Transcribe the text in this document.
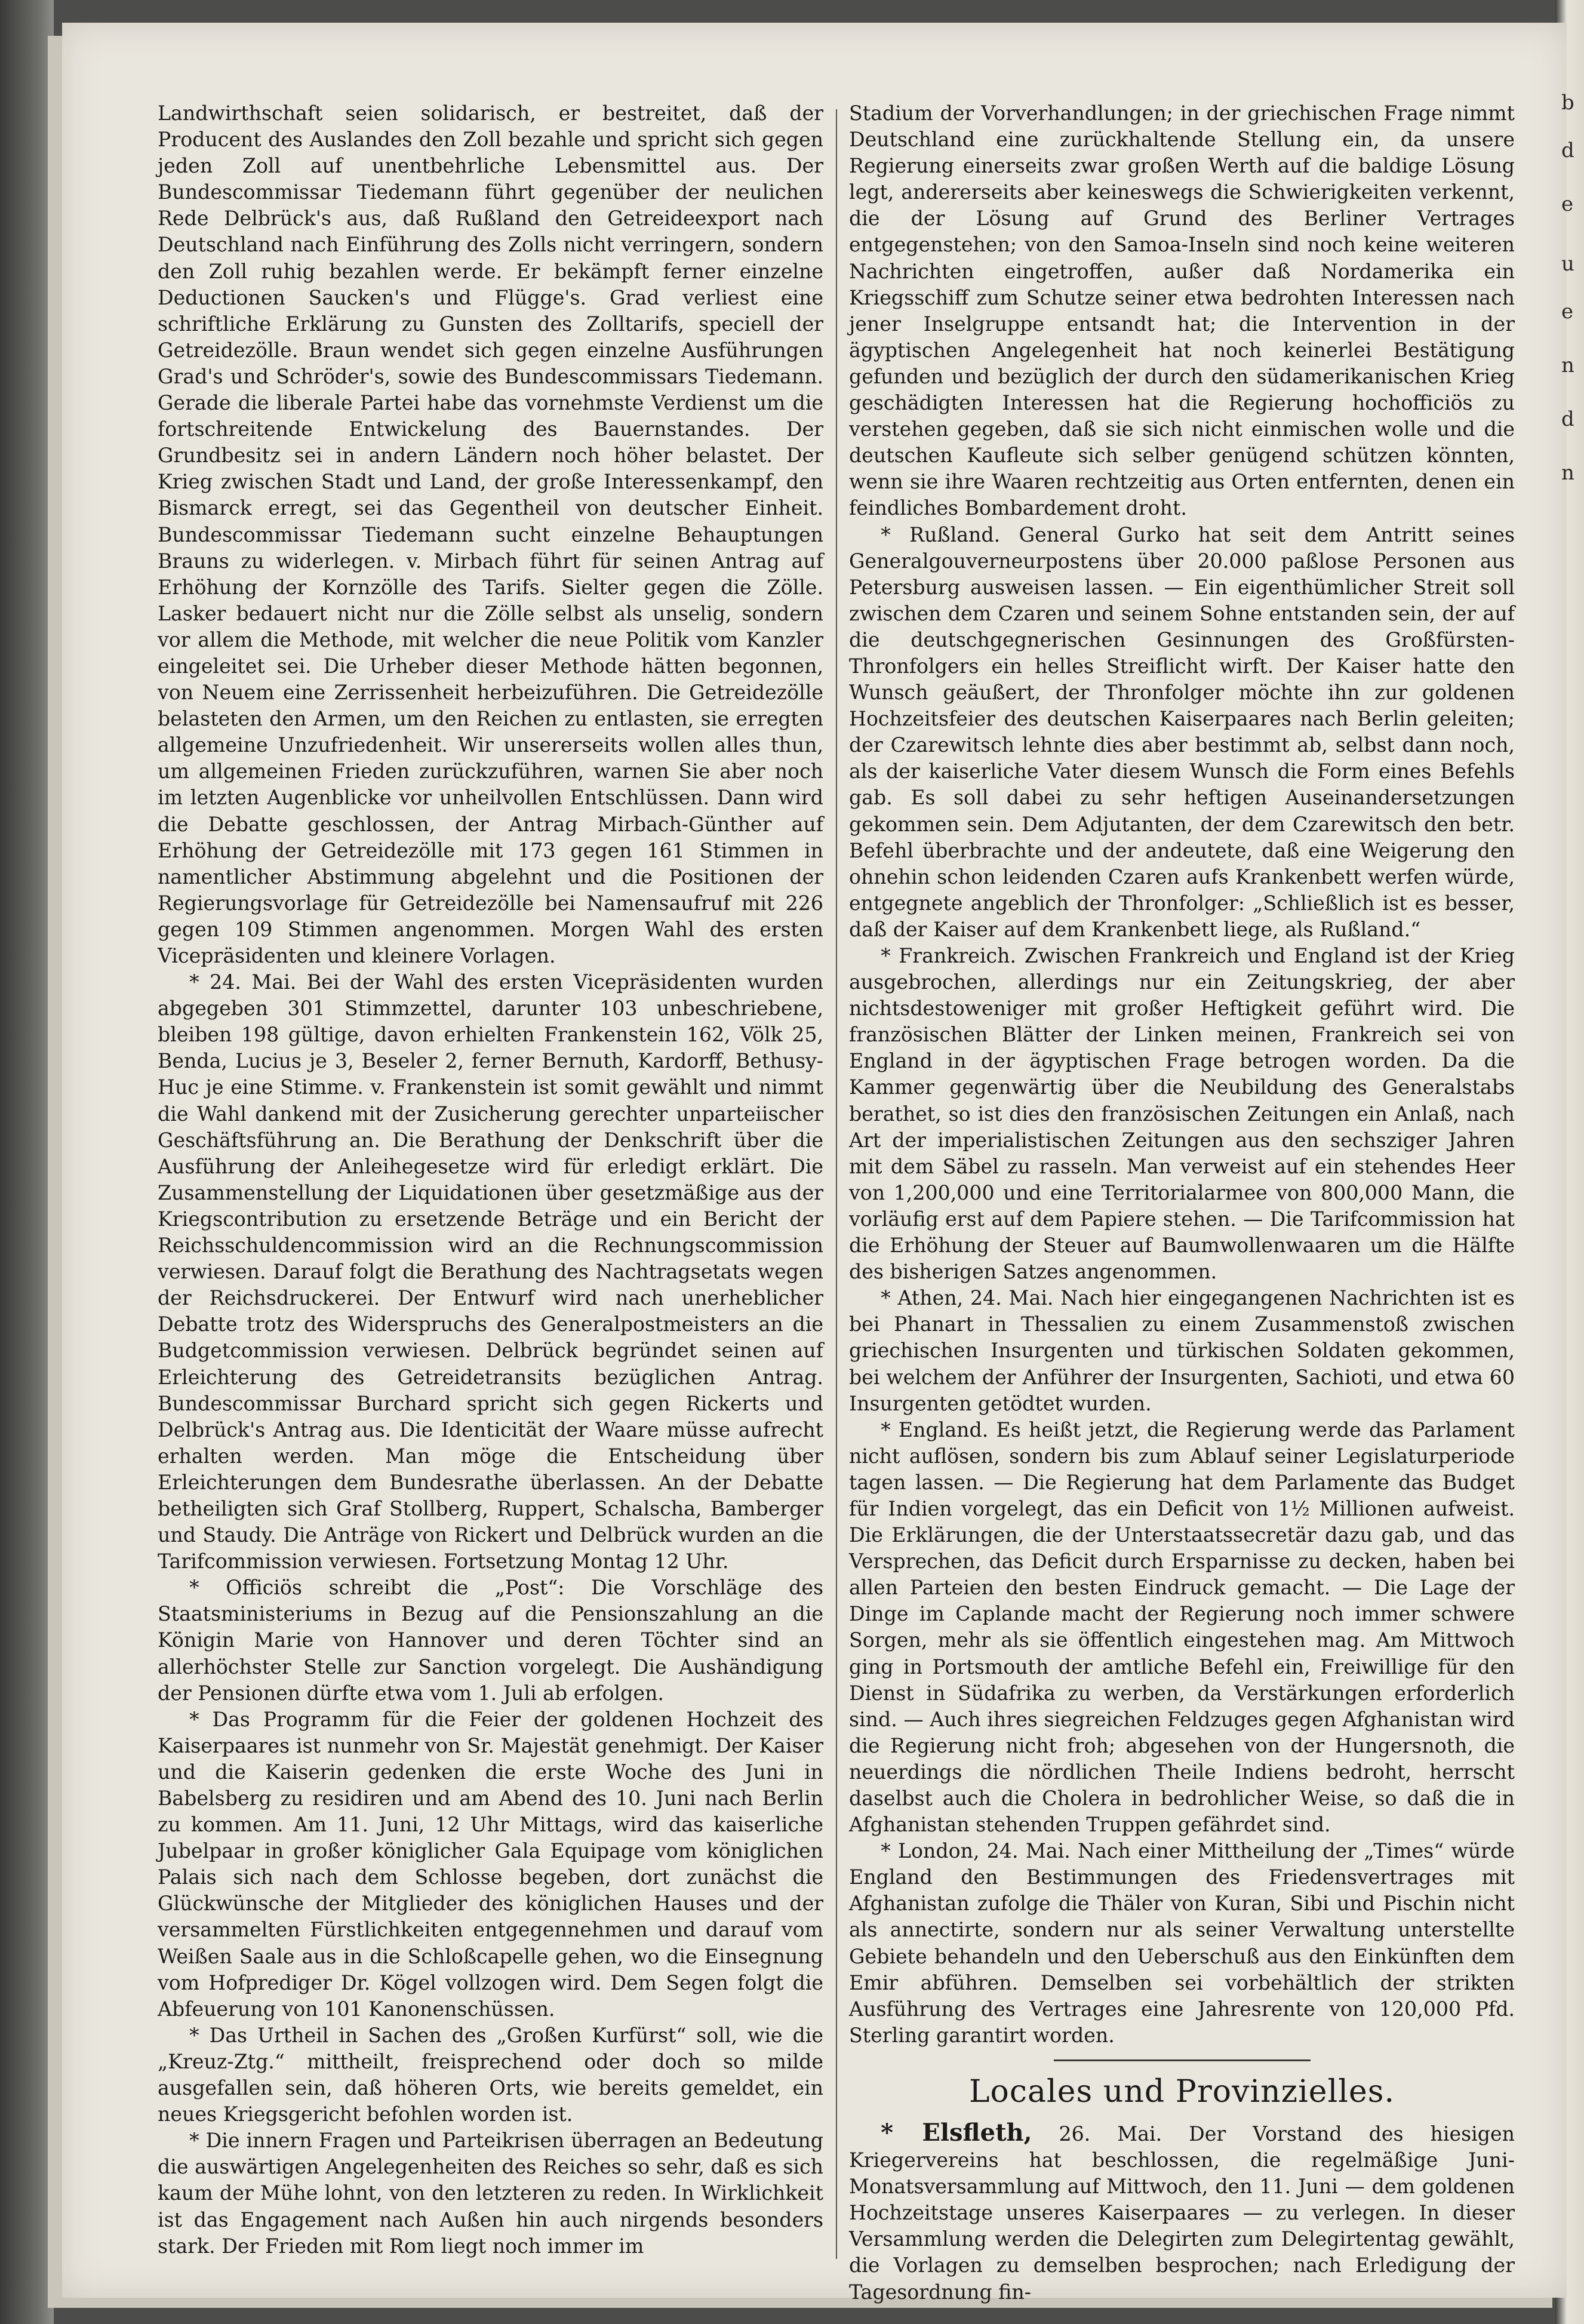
Landwirthschaft seien solidarisch, er bestreitet, daß der Producent des Auslandes den Zoll bezahle und spricht sich gegen jeden Zoll auf unentbehrliche Lebensmittel aus. Der Bundescommissar Tiedemann führt gegenüber der neulichen Rede Delbrück's aus, daß Rußland den Getreideexport nach Deutschland nach Einführung des Zolls nicht verringern, sondern den Zoll ruhig bezahlen werde. Er bekämpft ferner einzelne Deductionen Saucken's und Flügge's. Grad verliest eine schriftliche Erklärung zu Gunsten des Zolltarifs, speciell der Getreidezölle. Braun wendet sich gegen einzelne Ausführungen Grad's und Schröder's, sowie des Bundescommissars Tiedemann. Gerade die liberale Partei habe das vornehmste Verdienst um die fortschreitende Entwickelung des Bauernstandes. Der Grundbesitz sei in andern Ländern noch höher belastet. Der Krieg zwischen Stadt und Land, der große Interessenkampf, den Bismarck erregt, sei das Gegentheil von deutscher Einheit. Bundescommissar Tiedemann sucht einzelne Behauptungen Brauns zu widerlegen. v. Mirbach führt für seinen Antrag auf Erhöhung der Kornzölle des Tarifs. Sielter gegen die Zölle. Lasker bedauert nicht nur die Zölle selbst als unselig, sondern vor allem die Methode, mit welcher die neue Politik vom Kanzler eingeleitet sei. Die Urheber dieser Methode hätten begonnen, von Neuem eine Zerrissenheit herbeizuführen. Die Getreidezölle belasteten den Armen, um den Reichen zu entlasten, sie erregten allgemeine Unzufriedenheit. Wir unsererseits wollen alles thun, um allgemeinen Frieden zurückzuführen, warnen Sie aber noch im letzten Augenblicke vor unheilvollen Entschlüssen. Dann wird die Debatte geschlossen, der Antrag Mirbach-Günther auf Erhöhung der Getreidezölle mit 173 gegen 161 Stimmen in namentlicher Abstimmung abgelehnt und die Positionen der Regierungsvorlage für Getreidezölle bei Namensaufruf mit 226 gegen 109 Stimmen angenommen. Morgen Wahl des ersten Vicepräsidenten und kleinere Vorlagen.

* 24. Mai. Bei der Wahl des ersten Vicepräsidenten wurden abgegeben 301 Stimmzettel, darunter 103 unbeschriebene, bleiben 198 gültige, davon erhielten Frankenstein 162, Völk 25, Benda, Lucius je 3, Beseler 2, ferner Bernuth, Kardorff, Bethusy-Huc je eine Stimme. v. Frankenstein ist somit gewählt und nimmt die Wahl dankend mit der Zusicherung gerechter unparteiischer Geschäftsführung an. Die Berathung der Denkschrift über die Ausführung der Anleihegesetze wird für erledigt erklärt. Die Zusammenstellung der Liquidationen über gesetzmäßige aus der Kriegscontribution zu ersetzende Beträge und ein Bericht der Reichsschuldencommission wird an die Rechnungscommission verwiesen. Darauf folgt die Berathung des Nachtragsetats wegen der Reichsdruckerei. Der Entwurf wird nach unerheblicher Debatte trotz des Widerspruchs des Generalpostmeisters an die Budgetcommission verwiesen. Delbrück begründet seinen auf Erleichterung des Getreidetransits bezüglichen Antrag. Bundescommissar Burchard spricht sich gegen Rickerts und Delbrück's Antrag aus. Die Identicität der Waare müsse aufrecht erhalten werden. Man möge die Entscheidung über Erleichterungen dem Bundesrathe überlassen. An der Debatte betheiligten sich Graf Stollberg, Ruppert, Schalscha, Bamberger und Staudy. Die Anträge von Rickert und Delbrück wurden an die Tarifcommission verwiesen. Fortsetzung Montag 12 Uhr.

* Officiös schreibt die „Post“: Die Vorschläge des Staatsministeriums in Bezug auf die Pensionszahlung an die Königin Marie von Hannover und deren Töchter sind an allerhöchster Stelle zur Sanction vorgelegt. Die Aushändigung der Pensionen dürfte etwa vom 1. Juli ab erfolgen.

* Das Programm für die Feier der goldenen Hochzeit des Kaiserpaares ist nunmehr von Sr. Majestät genehmigt. Der Kaiser und die Kaiserin gedenken die erste Woche des Juni in Babelsberg zu residiren und am Abend des 10. Juni nach Berlin zu kommen. Am 11. Juni, 12 Uhr Mittags, wird das kaiserliche Jubelpaar in großer königlicher Gala Equipage vom königlichen Palais sich nach dem Schlosse begeben, dort zunächst die Glückwünsche der Mitglieder des königlichen Hauses und der versammelten Fürstlichkeiten entgegennehmen und darauf vom Weißen Saale aus in die Schloßcapelle gehen, wo die Einsegnung vom Hofprediger Dr. Kögel vollzogen wird. Dem Segen folgt die Abfeuerung von 101 Kanonenschüssen.

* Das Urtheil in Sachen des „Großen Kurfürst“ soll, wie die „Kreuz-Ztg.“ mittheilt, freisprechend oder doch so milde ausgefallen sein, daß höheren Orts, wie bereits gemeldet, ein neues Kriegsgericht befohlen worden ist.

* Die innern Fragen und Parteikrisen überragen an Bedeutung die auswärtigen Angelegenheiten des Reiches so sehr, daß es sich kaum der Mühe lohnt, von den letzteren zu reden. In Wirklichkeit ist das Engagement nach Außen hin auch nirgends besonders stark. Der Frieden mit Rom liegt noch immer im

Stadium der Vorverhandlungen; in der griechischen Frage nimmt Deutschland eine zurückhaltende Stellung ein, da unsere Regierung einerseits zwar großen Werth auf die baldige Lösung legt, andererseits aber keineswegs die Schwierigkeiten verkennt, die der Lösung auf Grund des Berliner Vertrages entgegenstehen; von den Samoa-Inseln sind noch keine weiteren Nachrichten eingetroffen, außer daß Nordamerika ein Kriegsschiff zum Schutze seiner etwa bedrohten Interessen nach jener Inselgruppe entsandt hat; die Intervention in der ägyptischen Angelegenheit hat noch keinerlei Bestätigung gefunden und bezüglich der durch den südamerikanischen Krieg geschädigten Interessen hat die Regierung hochofficiös zu verstehen gegeben, daß sie sich nicht einmischen wolle und die deutschen Kaufleute sich selber genügend schützen könnten, wenn sie ihre Waaren rechtzeitig aus Orten entfernten, denen ein feindliches Bombardement droht.

* Rußland. General Gurko hat seit dem Antritt seines Generalgouverneurpostens über 20.000 paßlose Personen aus Petersburg ausweisen lassen. — Ein eigenthümlicher Streit soll zwischen dem Czaren und seinem Sohne entstanden sein, der auf die deutschgegnerischen Gesinnungen des Großfürsten-Thronfolgers ein helles Streiflicht wirft. Der Kaiser hatte den Wunsch geäußert, der Thronfolger möchte ihn zur goldenen Hochzeitsfeier des deutschen Kaiserpaares nach Berlin geleiten; der Czarewitsch lehnte dies aber bestimmt ab, selbst dann noch, als der kaiserliche Vater diesem Wunsch die Form eines Befehls gab. Es soll dabei zu sehr heftigen Auseinandersetzungen gekommen sein. Dem Adjutanten, der dem Czarewitsch den betr. Befehl überbrachte und der andeutete, daß eine Weigerung den ohnehin schon leidenden Czaren aufs Krankenbett werfen würde, entgegnete angeblich der Thronfolger: „Schließlich ist es besser, daß der Kaiser auf dem Krankenbett liege, als Rußland.“

* Frankreich. Zwischen Frankreich und England ist der Krieg ausgebrochen, allerdings nur ein Zeitungskrieg, der aber nichtsdestoweniger mit großer Heftigkeit geführt wird. Die französischen Blätter der Linken meinen, Frankreich sei von England in der ägyptischen Frage betrogen worden. Da die Kammer gegenwärtig über die Neubildung des Generalstabs berathet, so ist dies den französischen Zeitungen ein Anlaß, nach Art der imperialistischen Zeitungen aus den sechsziger Jahren mit dem Säbel zu rasseln. Man verweist auf ein stehendes Heer von 1,200,000 und eine Territorialarmee von 800,000 Mann, die vorläufig erst auf dem Papiere stehen. — Die Tarifcommission hat die Erhöhung der Steuer auf Baumwollenwaaren um die Hälfte des bisherigen Satzes angenommen.

* Athen, 24. Mai. Nach hier eingegangenen Nachrichten ist es bei Phanart in Thessalien zu einem Zusammenstoß zwischen griechischen Insurgenten und türkischen Soldaten gekommen, bei welchem der Anführer der Insurgenten, Sachioti, und etwa 60 Insurgenten getödtet wurden.

* England. Es heißt jetzt, die Regierung werde das Parlament nicht auflösen, sondern bis zum Ablauf seiner Legislaturperiode tagen lassen. — Die Regierung hat dem Parlamente das Budget für Indien vorgelegt, das ein Deficit von 1½ Millionen aufweist. Die Erklärungen, die der Unterstaatssecretär dazu gab, und das Versprechen, das Deficit durch Ersparnisse zu decken, haben bei allen Parteien den besten Eindruck gemacht. — Die Lage der Dinge im Caplande macht der Regierung noch immer schwere Sorgen, mehr als sie öffentlich eingestehen mag. Am Mittwoch ging in Portsmouth der amtliche Befehl ein, Freiwillige für den Dienst in Südafrika zu werben, da Verstärkungen erforderlich sind. — Auch ihres siegreichen Feldzuges gegen Afghanistan wird die Regierung nicht froh; abgesehen von der Hungersnoth, die neuerdings die nördlichen Theile Indiens bedroht, herrscht daselbst auch die Cholera in bedrohlicher Weise, so daß die in Afghanistan stehenden Truppen gefährdet sind.

* London, 24. Mai. Nach einer Mittheilung der „Times“ würde England den Bestimmungen des Friedensvertrages mit Afghanistan zufolge die Thäler von Kuran, Sibi und Pischin nicht als annectirte, sondern nur als seiner Verwaltung unterstellte Gebiete behandeln und den Ueberschuß aus den Einkünften dem Emir abführen. Demselben sei vorbehältlich der strikten Ausführung des Vertrages eine Jahresrente von 120,000 Pfd. Sterling garantirt worden.

Locales und Provinzielles.

* Elsfleth, 26. Mai. Der Vorstand des hiesigen Kriegervereins hat beschlossen, die regelmäßige Juni-Monatsversammlung auf Mittwoch, den 11. Juni — dem goldenen Hochzeitstage unseres Kaiserpaares — zu verlegen. In dieser Versammlung werden die Delegirten zum Delegirtentag gewählt, die Vorlagen zu demselben besprochen; nach Erledigung der Tagesordnung fin-

b
d
e
u
e
n
d
n
